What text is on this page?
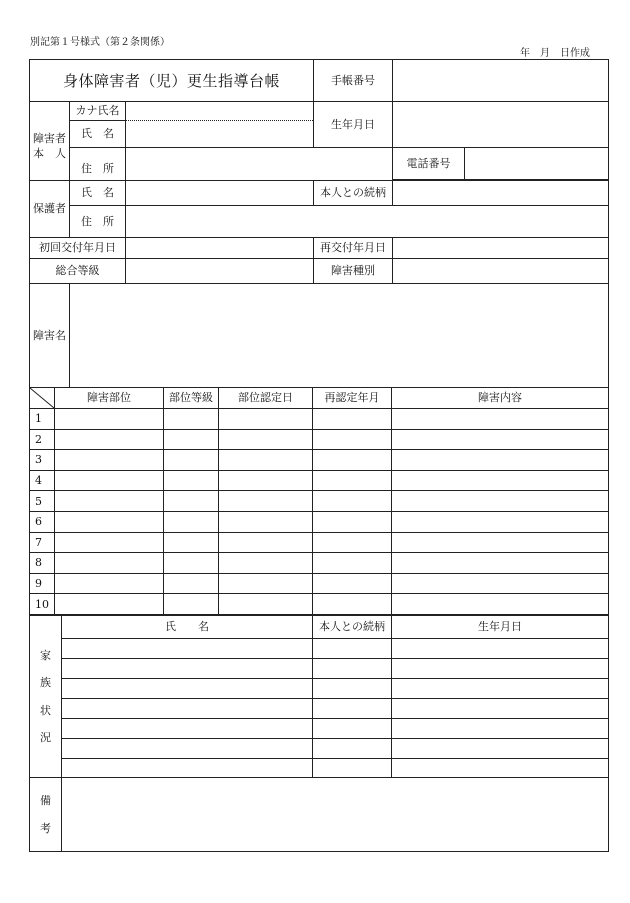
別記第１号様式（第２条関係）
年　月　日作成
身体障害者（児）更生指導台帳	手帳番号
障害者
本　人
カナ氏名
氏　名
生年月日
住　所	電話番号
保護者
氏　名	本人との続柄
住　所
初回交付年月日	再交付年月日
総合等級	障害種別
障害名
障害部位	部位等級 部位認定日	再認定年月	障害内容
1
2
3
4
5
6
7
8
9
10
家
族
状
況
氏　　名	本人との続柄	生年月日
備
考
